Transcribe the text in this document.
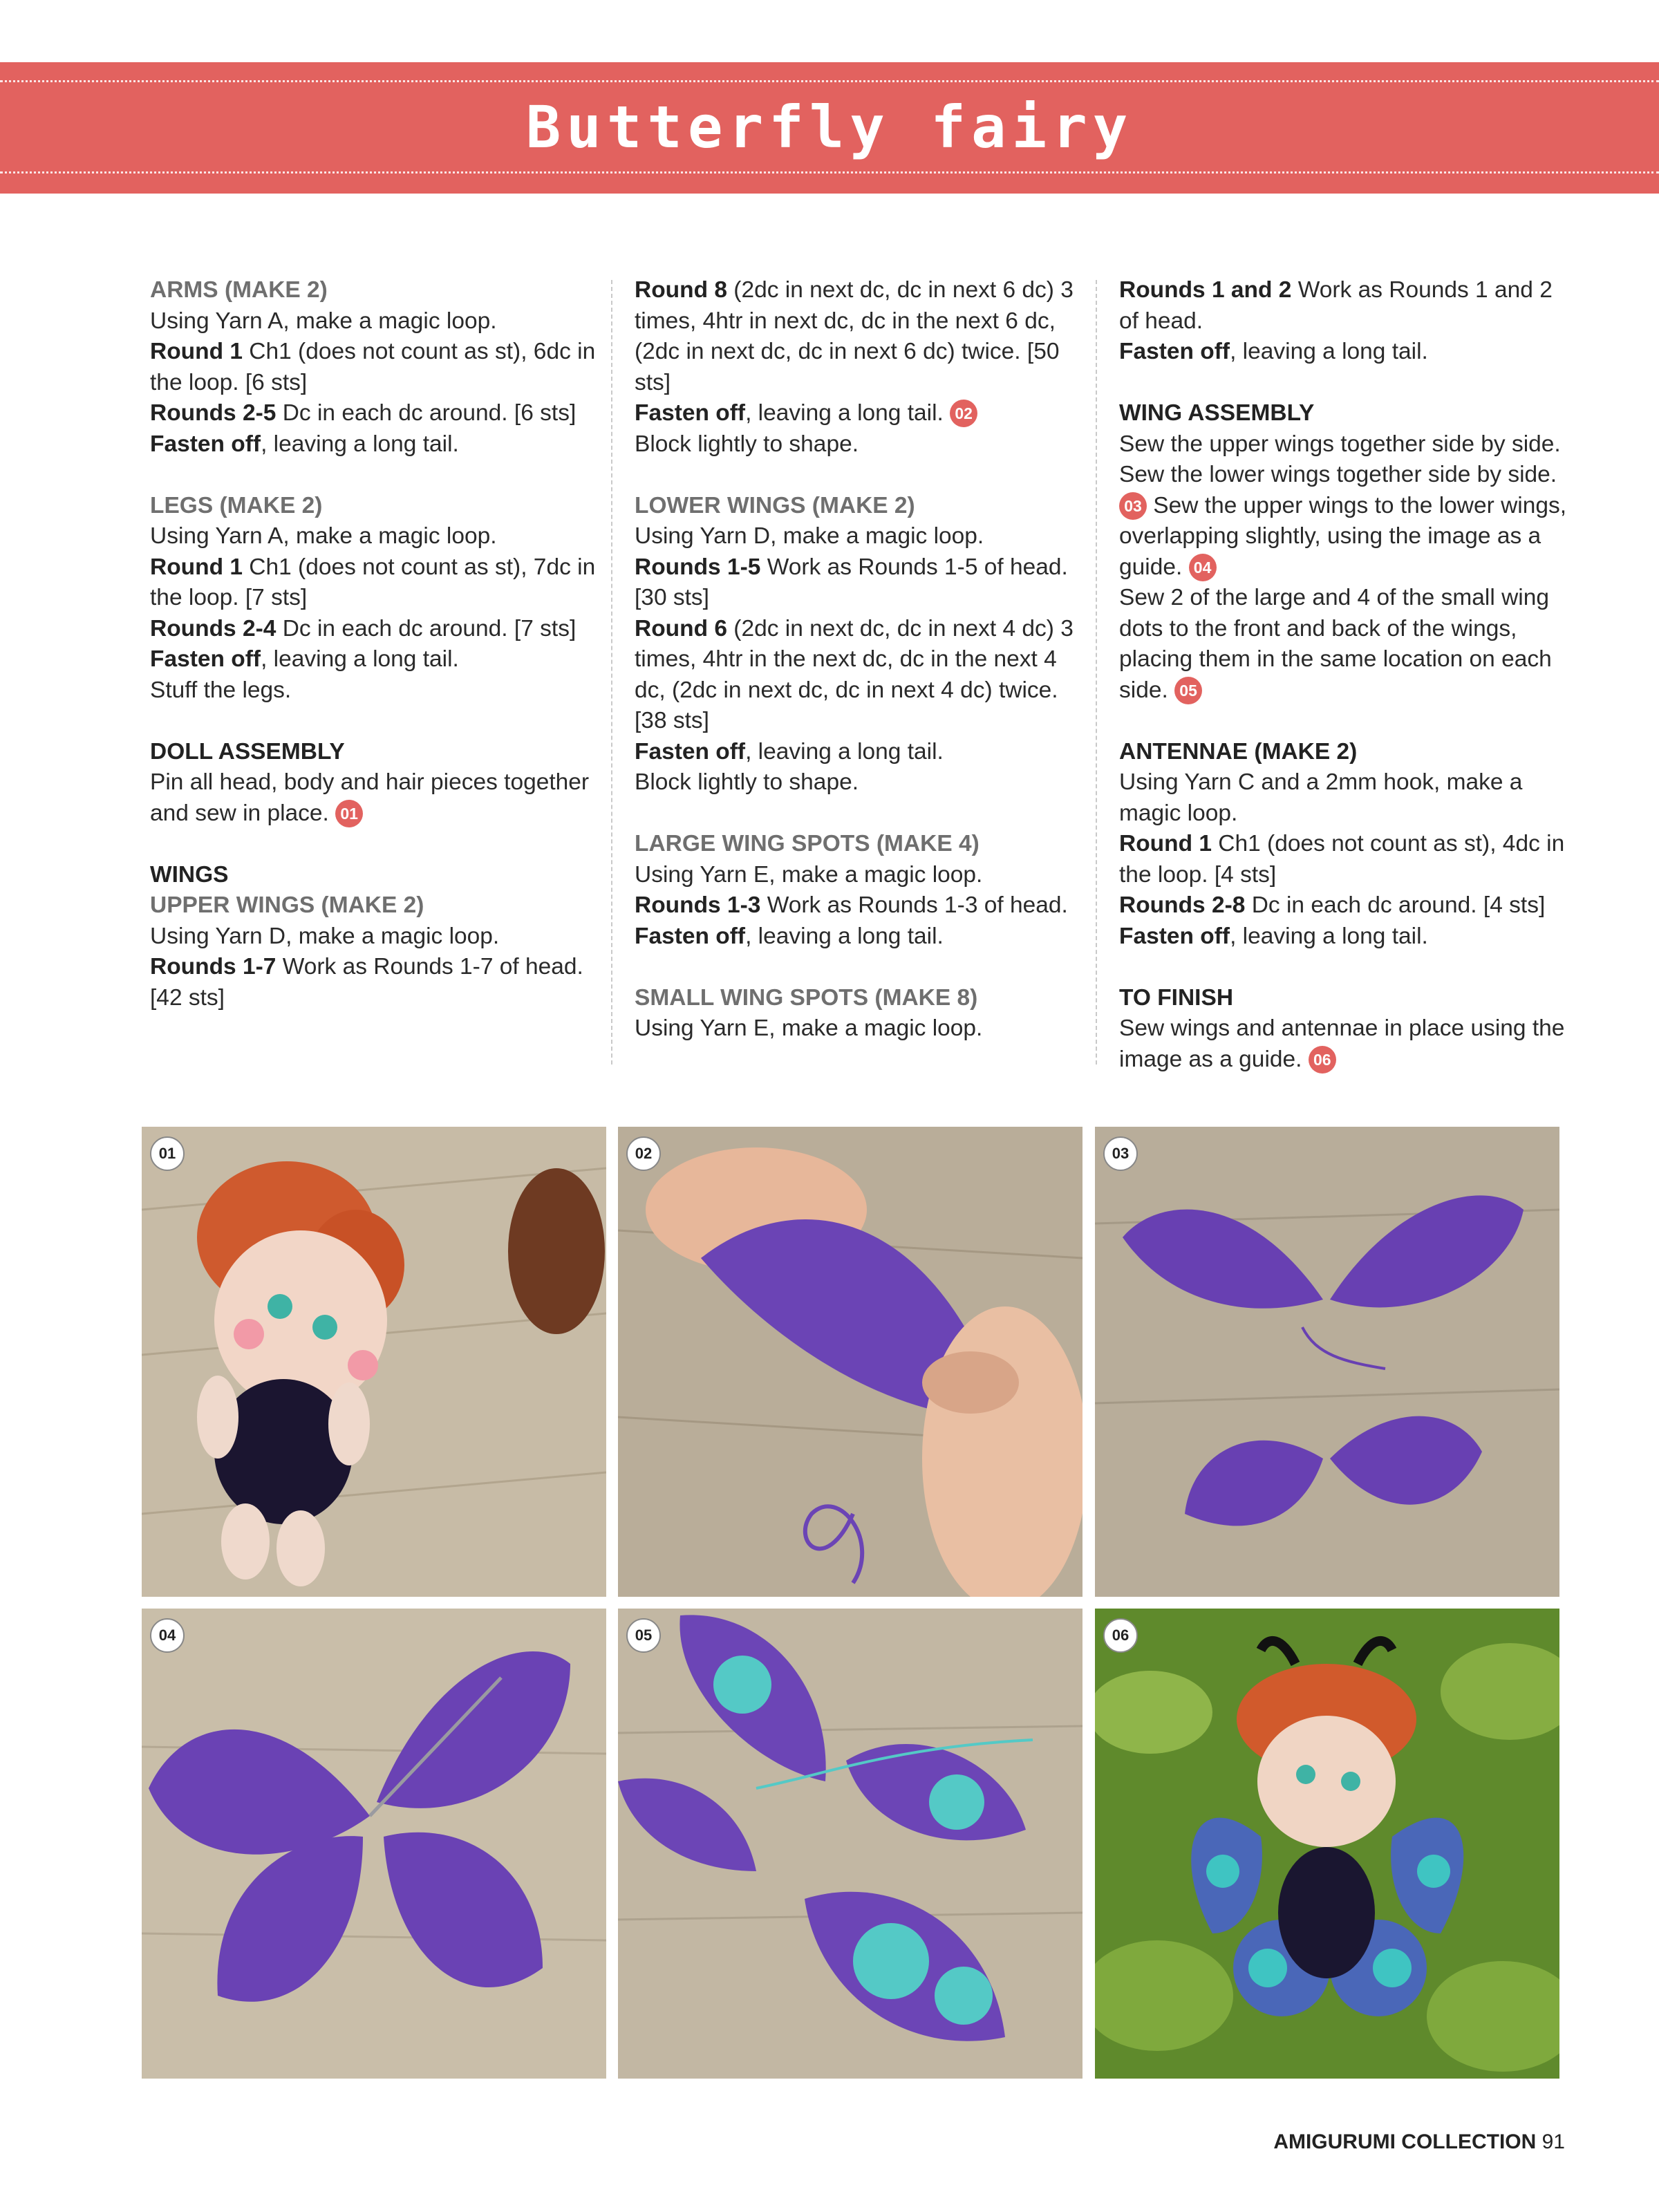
Butterfly fairy

ARMS (MAKE 2)
Using Yarn A, make a magic loop.
Round 1 Ch1 (does not count as st), 6dc in the loop. [6 sts]
Rounds 2-5 Dc in each dc around. [6 sts]
Fasten off, leaving a long tail.

LEGS (MAKE 2)
Using Yarn A, make a magic loop.
Round 1 Ch1 (does not count as st), 7dc in the loop. [7 sts]
Rounds 2-4 Dc in each dc around. [7 sts]
Fasten off, leaving a long tail.
Stuff the legs.

DOLL ASSEMBLY
Pin all head, body and hair pieces together and sew in place. 01

WINGS
UPPER WINGS (MAKE 2)
Using Yarn D, make a magic loop.
Rounds 1-7 Work as Rounds 1-7 of head. [42 sts]

Round 8 (2dc in next dc, dc in next 6 dc) 3 times, 4htr in next dc, dc in the next 6 dc, (2dc in next dc, dc in next 6 dc) twice. [50 sts]
Fasten off, leaving a long tail. 02
Block lightly to shape.

LOWER WINGS (MAKE 2)
Using Yarn D, make a magic loop.
Rounds 1-5 Work as Rounds 1-5 of head. [30 sts]
Round 6 (2dc in next dc, dc in next 4 dc) 3 times, 4htr in the next dc, dc in the next 4 dc, (2dc in next dc, dc in next 4 dc) twice. [38 sts]
Fasten off, leaving a long tail.
Block lightly to shape.

LARGE WING SPOTS (MAKE 4)
Using Yarn E, make a magic loop.
Rounds 1-3 Work as Rounds 1-3 of head.
Fasten off, leaving a long tail.

SMALL WING SPOTS (MAKE 8)
Using Yarn E, make a magic loop.

Rounds 1 and 2 Work as Rounds 1 and 2 of head.
Fasten off, leaving a long tail.

WING ASSEMBLY
Sew the upper wings together side by side. Sew the lower wings together side by side. 03 Sew the upper wings to the lower wings, overlapping slightly, using the image as a guide. 04
Sew 2 of the large and 4 of the small wing dots to the front and back of the wings, placing them in the same location on each side. 05

ANTENNAE (MAKE 2)
Using Yarn C and a 2mm hook, make a magic loop.
Round 1 Ch1 (does not count as st), 4dc in the loop. [4 sts]
Rounds 2-8 Dc in each dc around. [4 sts]
Fasten off, leaving a long tail.

TO FINISH
Sew wings and antennae in place using the image as a guide. 06

01	02	03
04	05	06
AMIGURUMI COLLECTION 91
